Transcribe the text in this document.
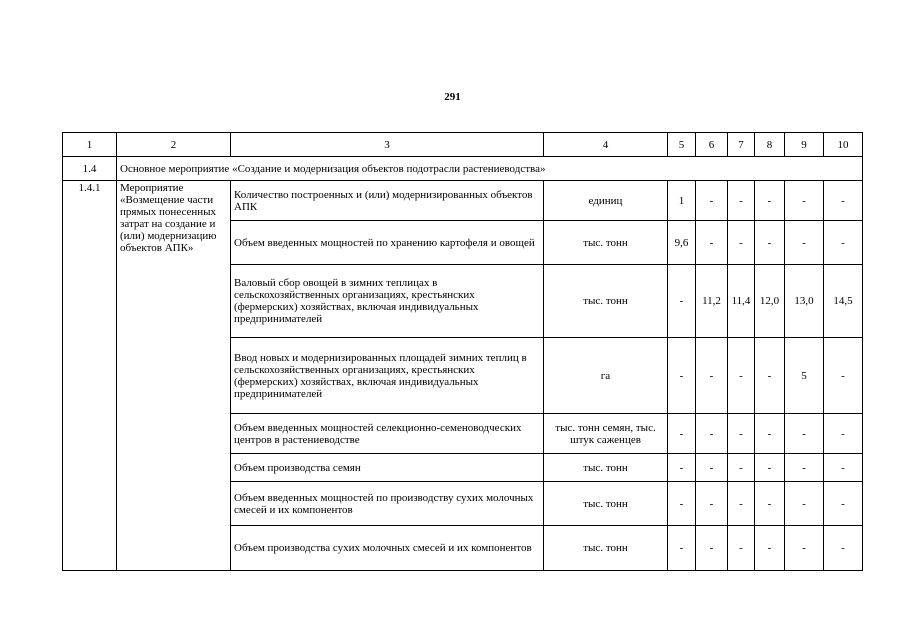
291
1	2	3	4	5	6	7	8	9	10
1.4	Основное мероприятие «Создание и модернизация объектов подотрасли растениеводства»								
1.4.1	Мероприятие «Возмещение части прямых понесенных затрат на создание и (или) модернизацию объектов АПК»	Количество построенных и (или) модернизированных объектов АПК	единиц	1	-	-	-	-	-
		Объем введенных мощностей по хранению картофеля и овощей	тыс. тонн	9,6	-	-	-	-	-
		Валовый сбор овощей в зимних теплицах в сельскохозяйственных организациях, крестьянских (фермерских) хозяйствах, включая индивидуальных предпринимателей	тыс. тонн	-	11,2	11,4	12,0	13,0	14,5
		Ввод новых и модернизированных площадей зимних теплиц в сельскохозяйственных организациях, крестьянских (фермерских) хозяйствах, включая индивидуальных предпринимателей	га	-	-	-	-	5	-
		Объем введенных мощностей селекционно-семеноводческих центров в растениеводстве	тыс. тонн семян, тыс. штук саженцев	-	-	-	-	-	-
		Объем производства семян	тыс. тонн	-	-	-	-	-	-
		Объем введенных мощностей по производству сухих молочных смесей и их компонентов	тыс. тонн	-	-	-	-	-	-
		Объем производства сухих молочных смесей и их компонентов	тыс. тонн	-	-	-	-	-	-
